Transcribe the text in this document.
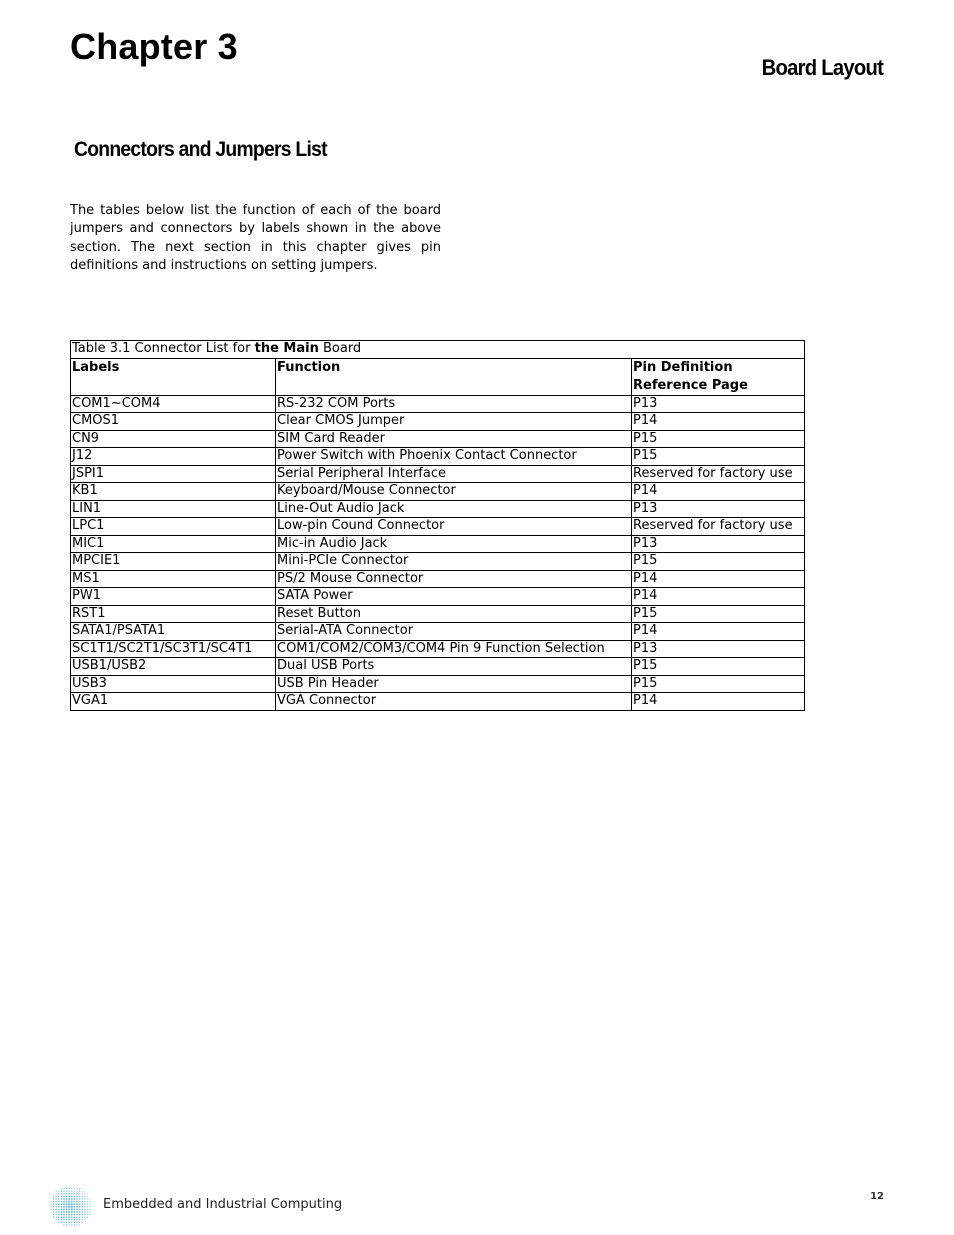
Chapter 3
Board Layout
Connectors and Jumpers List
The tables below list the function of each of the board jumpers and connectors by labels shown in the above section. The next section in this chapter gives pin definitions and instructions on setting jumpers.
Table 3.1 Connector List for the Main Board		
Labels	Function	Pin Definition Reference Page
COM1~COM4	RS-232 COM Ports	P13
CMOS1	Clear CMOS Jumper	P14
CN9	SIM Card Reader	P15
J12	Power Switch with Phoenix Contact Connector	P15
JSPI1	Serial Peripheral Interface	Reserved for factory use
KB1	Keyboard/Mouse Connector	P14
LIN1	Line-Out Audio Jack	P13
LPC1	Low-pin Cound Connector	Reserved for factory use
MIC1	Mic-in Audio Jack	P13
MPCIE1	Mini-PCIe Connector	P15
MS1	PS/2 Mouse Connector	P14
PW1	SATA Power	P14
RST1	Reset Button	P15
SATA1/PSATA1	Serial-ATA Connector	P14
SC1T1/SC2T1/SC3T1/SC4T1	COM1/COM2/COM3/COM4 Pin 9 Function Selection	P13
USB1/USB2	Dual USB Ports	P15
USB3	USB Pin Header	P15
VGA1	VGA Connector	P14
Embedded and Industrial Computing
12
